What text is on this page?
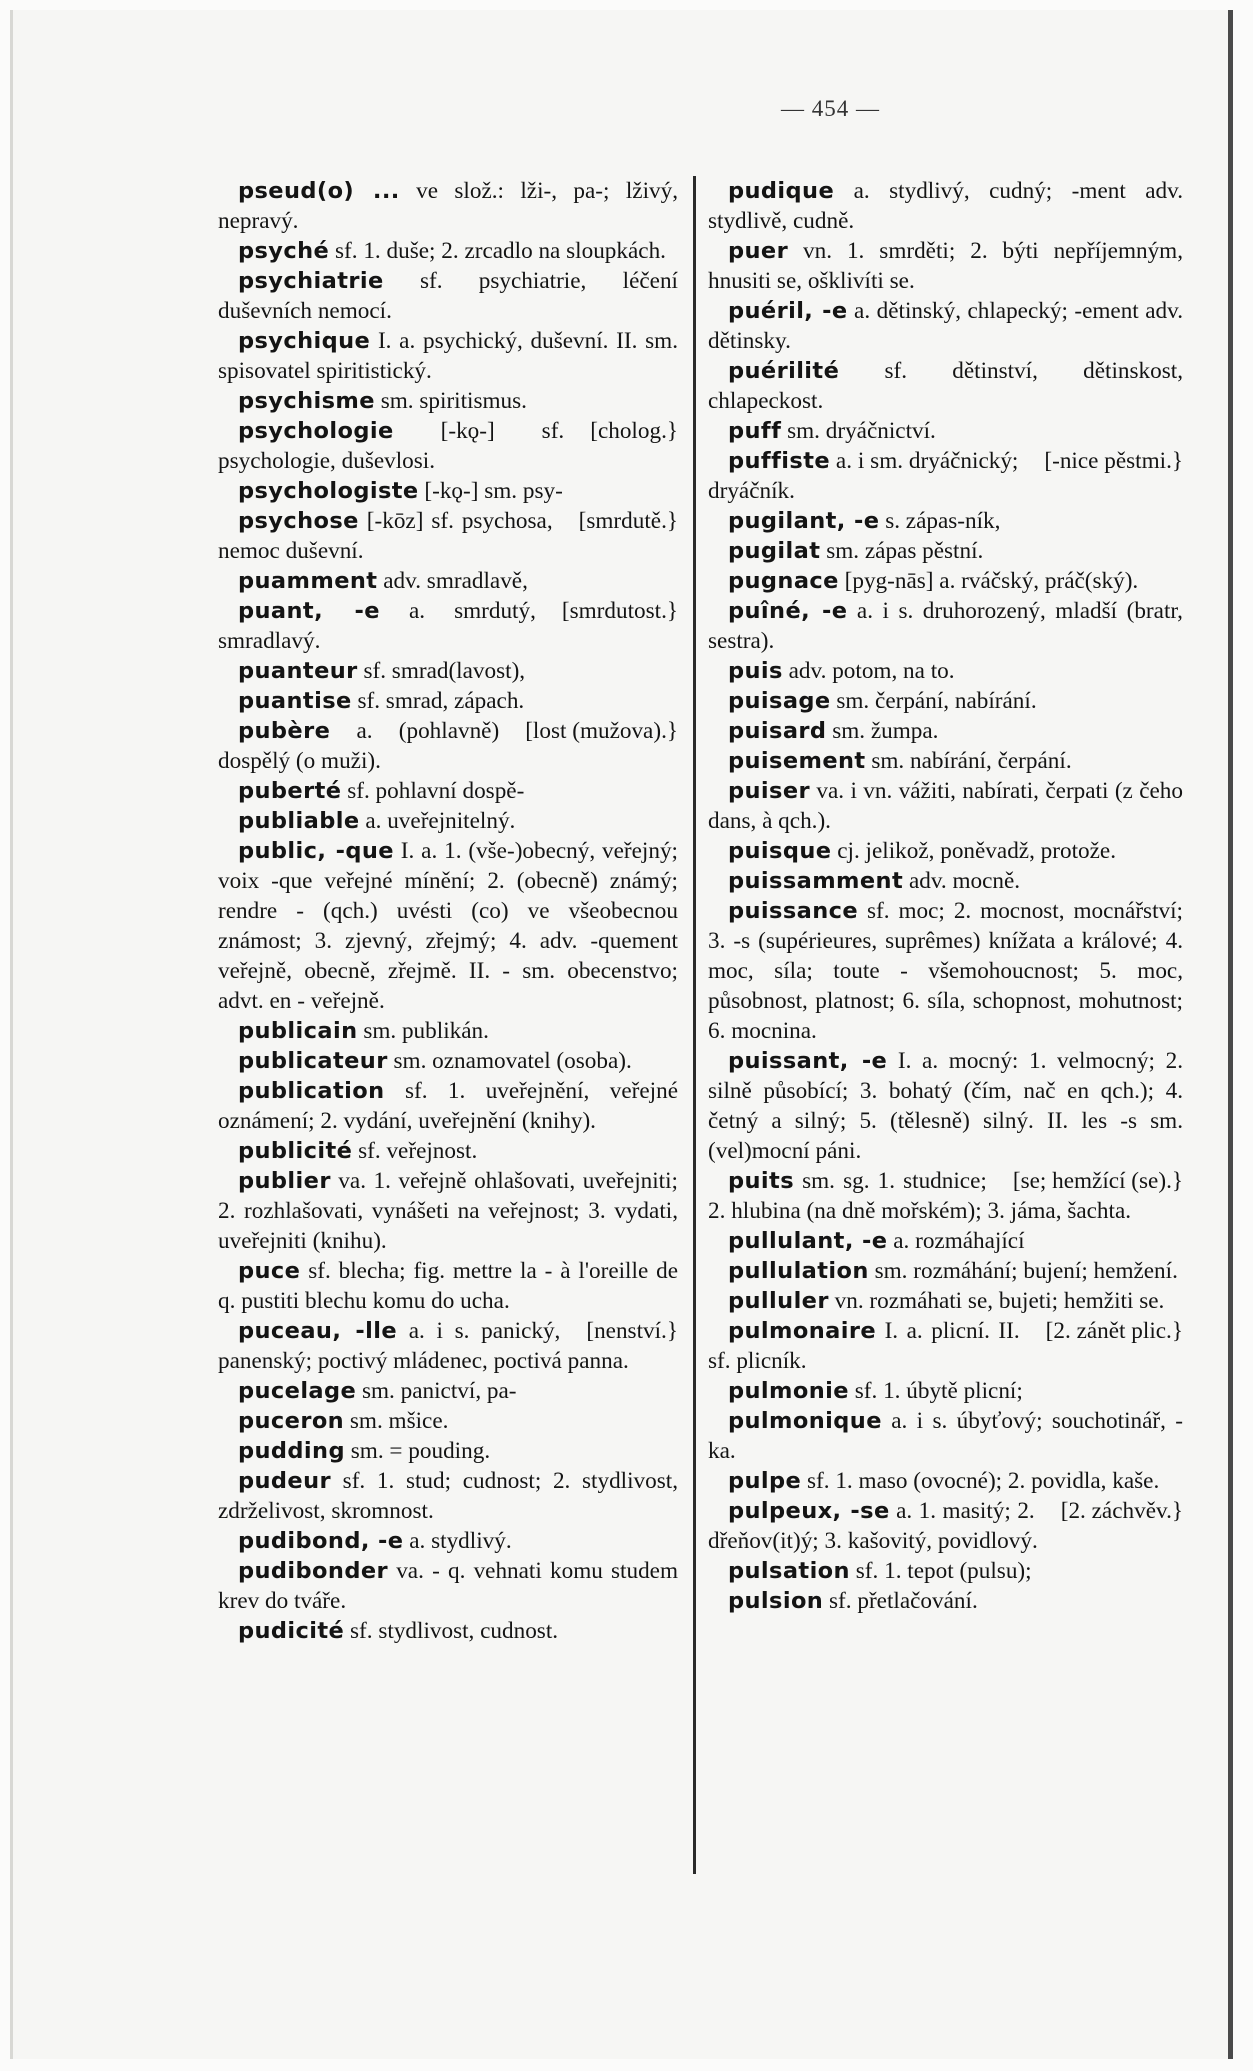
— 454 —

pseud(o) ... ve slož.: lži-, pa-; lživý, nepravý.

psyché sf. 1. duše; 2. zrcadlo na sloupkách.

psychiatrie sf. psychiatrie, léčení duševních nemocí.

psychique I. a. psychický, duševní. II. sm. spisovatel spiritistický.

psychisme sm. spiritismus.

[cholog.}
psychologie [-kǫ-] sf. psychologie, duševlosi.

psychologiste [-kǫ-] sm. psy-

[smrdutě.}
psychose [-kōz] sf. psychosa, nemoc duševní.

puamment adv. smradlavě,

[smrdutost.}
puant, -e a. smrdutý, smradlavý.

puanteur sf. smrad(lavost),

puantise sf. smrad, zápach.

[lost (mužova).}
pubère a. (pohlavně) dospělý (o muži).

puberté sf. pohlavní dospě-

publiable a. uveřejnitelný.

public, -que I. a. 1. (vše-)obecný, veřejný; voix -que veřejné mínění; 2. (obecně) známý; rendre - (qch.) uvésti (co) ve všeobecnou známost; 3. zjevný, zřejmý; 4. adv. -quement veřejně, obecně, zřejmě. II. - sm. obecenstvo; advt. en - veřejně.

publicain sm. publikán.

publicateur sm. oznamovatel (osoba).

publication sf. 1. uveřejnění, veřejné oznámení; 2. vydání, uveřejnění (knihy).

publicité sf. veřejnost.

publier va. 1. veřejně ohlašovati, uveřejniti; 2. rozhlašovati, vynášeti na veřejnost; 3. vydati, uveřejniti (knihu).

puce sf. blecha; fig. mettre la - à l'oreille de q. pustiti blechu komu do ucha.

[nenství.}
puceau, -lle a. i s. panický, panenský; poctivý mládenec, poctivá panna.

pucelage sm. panictví, pa-

puceron sm. mšice.

pudding sm. = pouding.

pudeur sf. 1. stud; cudnost; 2. stydlivost, zdrželivost, skromnost.

pudibond, -e a. stydlivý.

pudibonder va. - q. vehnati komu studem krev do tváře.

pudicité sf. stydlivost, cudnost.

pudique a. stydlivý, cudný; -ment adv. stydlivě, cudně.

puer vn. 1. smrděti; 2. býti nepříjemným, hnusiti se, ošklivíti se.

puéril, -e a. dětinský, chlapecký; -ement adv. dětinsky.

puérilité sf. dětinství, dětinskost, chlapeckost.

puff sm. dryáčnictví.

[-nice pěstmi.}
puffiste a. i sm. dryáčnický; dryáčník.

pugilant, -e s. zápas-ník,

pugilat sm. zápas pěstní.

pugnace [pyg-nās] a. rváčský, práč(ský).

puîné, -e a. i s. druhorozený, mladší (bratr, sestra).

puis adv. potom, na to.

puisage sm. čerpání, nabírání.

puisard sm. žumpa.

puisement sm. nabírání, čerpání.

puiser va. i vn. vážiti, nabírati, čerpati (z čeho dans, à qch.).

puisque cj. jelikož, poněvadž, protože.

puissamment adv. mocně.

puissance sf. moc; 2. mocnost, mocnářství; 3. -s (supérieures, suprêmes) knížata a králové; 4. moc, síla; toute - všemohoucnost; 5. moc, působnost, platnost; 6. síla, schopnost, mohutnost; 6. mocnina.

puissant, -e I. a. mocný: 1. velmocný; 2. silně působící; 3. bohatý (čím, nač en qch.); 4. četný a silný; 5. (tělesně) silný. II. les -s sm. (vel)mocní páni.

[se; hemžící (se).}
puits sm. sg. 1. studnice; 2. hlubina (na dně mořském); 3. jáma, šachta.

pullulant, -e a. rozmáhající

pullulation sm. rozmáhání; bujení; hemžení.

pulluler vn. rozmáhati se, bujeti; hemžiti se.

[2. zánět plic.}
pulmonaire I. a. plicní. II. sf. plicník.

pulmonie sf. 1. úbytě plicní;

pulmonique a. i s. úbyťový; souchotinář, -ka.

pulpe sf. 1. maso (ovocné); 2. povidla, kaše.

[2. záchvěv.}
pulpeux, -se a. 1. masitý; 2. dřeňov(it)ý; 3. kašovitý, povidlový.

pulsation sf. 1. tepot (pulsu);

pulsion sf. přetlačování.
